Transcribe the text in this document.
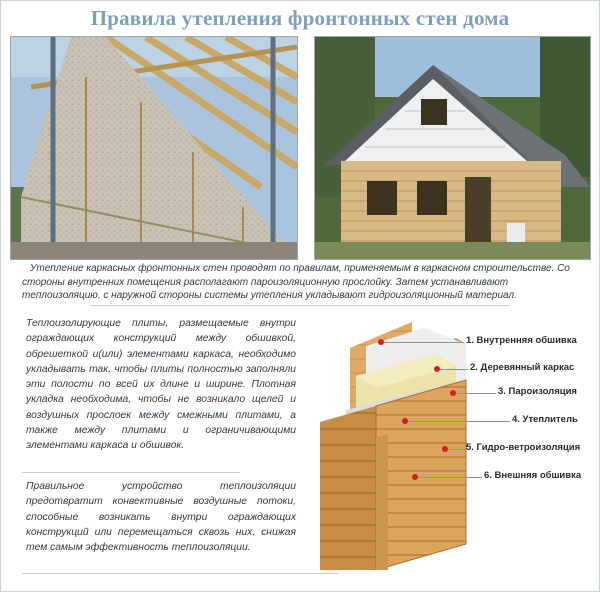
Правила утепления фронтонных стен дома
Утепление каркасных фронтонных стен проводят по правилам, применяемым в каркасном строительстве. Со стороны внутренних помещения располагают пароизоляционную прослойку. Затем устанавливают теплоизоляцию. с наружной стороны системы утепления укладывают гидроизоляционный материал.
Теплоизолирующие плиты, размещаемые внутри ограждающих конструкций между обшивкой, обрешеткой и(или) элементами каркаса, необходимо укладывать так, чтобы плиты полностью заполняли эти полости по всей их длине и ширине. Плотная укладка необходима, чтобы не возникало щелей и воздушных прослоек между смежными плитами, а также между плитами и ограничивающими элементами каркаса и обшивок.
Правильное устройство теплоизоляции предотвратит конвективные воздушные потоки, способные возникать внутри ограждающих конструкций или перемещаться сквозь них, снижая тем самым эффективность теплоизоляции.
1. Внутренняя обшивка
2. Деревянный каркас
3. Пароизоляция
4. Утеплитель
5. Гидро-ветроизоляция
6. Внешняя обшивка
